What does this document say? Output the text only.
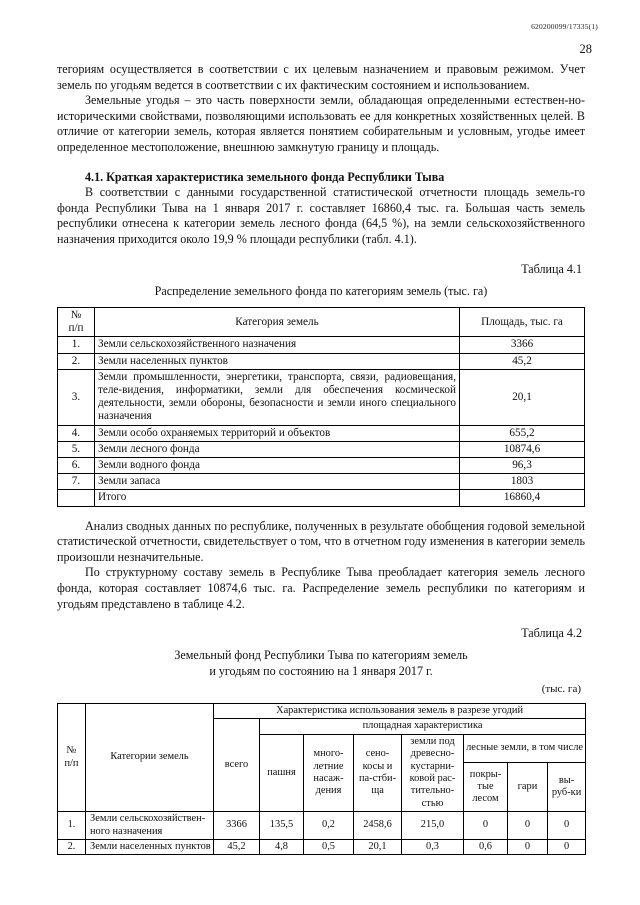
620200099/17335(1)
28

тегориям осуществляется в соответствии с их целевым назначением и правовым режимом. Учет земель по угодьям ведется в соответствии с их фактическим состоянием и использованием.

Земельные угодья – это часть поверхности земли, обладающая определенными естествен-но-историческими свойствами, позволяющими использовать ее для конкретных хозяйственных целей. В отличие от категории земель, которая является понятием собирательным и условным, угодье имеет определенное местоположение, внешнюю замкнутую границу и площадь.

4.1. Краткая характеристика земельного фонда Республики Тыва

В соответствии с данными государственной статистической отчетности площадь земель-го фонда Республики Тыва на 1 января 2017 г. составляет 16860,4 тыс. га. Большая часть земель республики отнесена к категории земель лесного фонда (64,5 %), на земли сельскохозяйственного назначения приходится около 19,9 % площади республики (табл. 4.1).

Таблица 4.1
Распределение земельного фонда по категориям земель (тыс. га)
№
п/п	Категория земель	Площадь, тыс. га
1.	Земли сельскохозяйственного назначения	3366
2.	Земли населенных пунктов	45,2
3.	Земли промышленности, энергетики, транспорта, связи, радиовещания, теле-видения, информатики, земли для обеспечения космической деятельности, земли обороны, безопасности и земли иного специального назначения	20,1
4.	Земли особо охраняемых территорий и объектов	655,2
5.	Земли лесного фонда	10874,6
6.	Земли водного фонда	96,3
7.	Земли запаса	1803
	Итого	16860,4

Анализ сводных данных по республике, полученных в результате обобщения годовой земельной статистической отчетности, свидетельствует о том, что в отчетном году изменения в категории земель произошли незначительные.

По структурному составу земель в Республике Тыва преобладает категория земель лесного фонда, которая составляет 10874,6 тыс. га. Распределение земель республики по категориям и угодьям представлено в таблице 4.2.

Таблица 4.2
Земельный фонд Республики Тыва по категориям земель
и угодьям по состоянию на 1 января 2017 г.
(тыс. га)
№
п/п	Категории земель	Характеристика использования земель в разрезе угодий							
		всего	площадная характеристика						
			пашня	много-летние насаж-дения	сено-косы и па-стби-ща	земли под древесно-кустарни-ковой рас-тительно-стью	лесные земли, в том числе		
							покры-тые лесом	гари	вы-руб-ки
1.	Земли сельскохозяйствен-ного назначения	3366	135,5	0,2	2458,6	215,0	0	0	0
2.	Земли населенных пунктов	45,2	4,8	0,5	20,1	0,3	0,6	0	0
